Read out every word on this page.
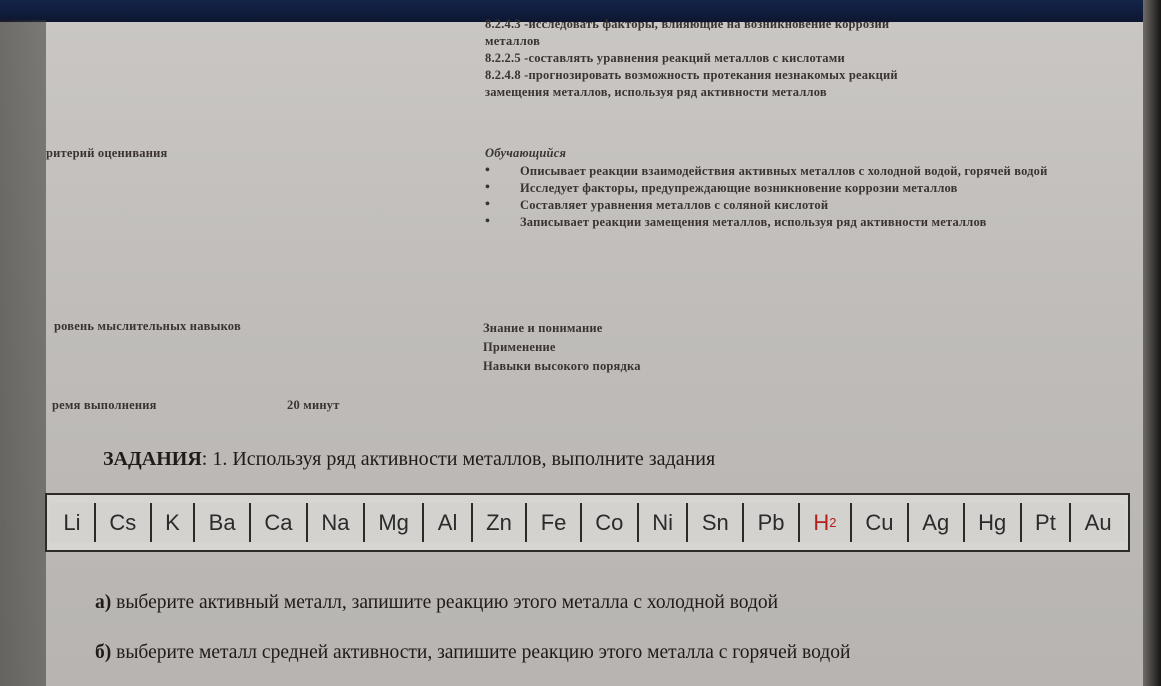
8.2.4.3 -исследовать факторы, влияющие на возникновение коррозии
металлов
8.2.2.5 -составлять уравнения реакций металлов с кислотами
8.2.4.8 -прогнозировать возможность протекания незнакомых реакций
замещения металлов, используя ряд активности металлов
ритерий оценивания	Обучающийся
• Описывает реакции взаимодействия активных металлов с холодной водой, горячей водой
• Исследует факторы, предупреждающие возникновение коррозии металлов
• Составляет уравнения металлов с соляной кислотой
• Записывает реакции замещения металлов, используя ряд активности металлов
ровень мыслительных навыков	Знание и понимание
Применение
Навыки высокого порядка
ремя выполнения	20 минут
ЗАДАНИЯ: 1. Используя ряд активности металлов, выполните задания
Li	Cs	K	Ba	Ca	Na	Mg	Al	Zn	Fe	Co	Ni	Sn	Pb	H 2	Cu	Ag	Hg	Pt	Au
а) выберите активный металл, запишите реакцию этого металла с холодной водой
б) выберите металл средней активности, запишите реакцию этого металла с горячей водой
